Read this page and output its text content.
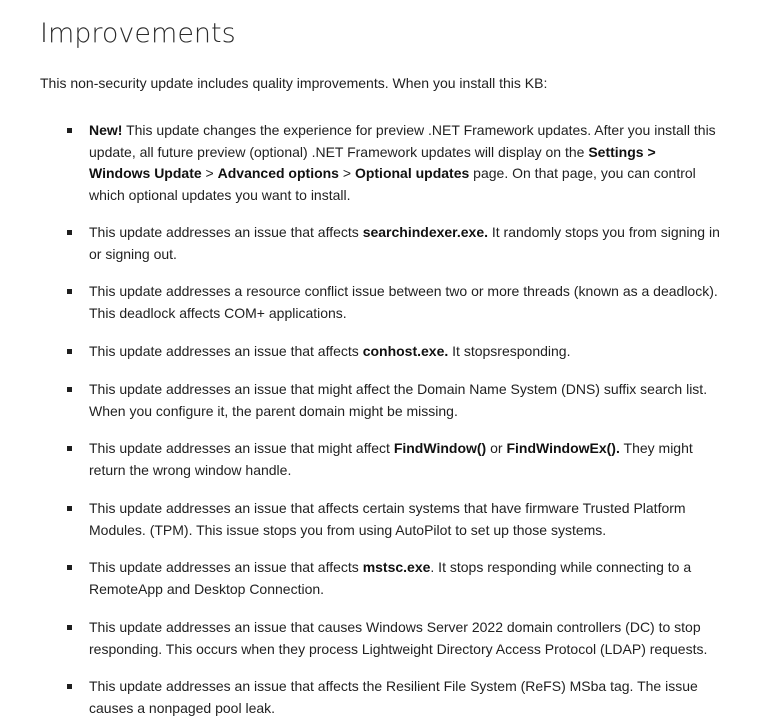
Improvements

This non-security update includes quality improvements. When you install this KB:

New! This update changes the experience for preview .NET Framework updates. After you install this update, all future preview (optional) .NET Framework updates will display on the Settings > Windows Update > Advanced options > Optional updates page. On that page, you can control which optional updates you want to install.
This update addresses an issue that affects searchindexer.exe. It randomly stops you from signing in or signing out.
This update addresses a resource conflict issue between two or more threads (known as a deadlock). This deadlock affects COM+ applications.
This update addresses an issue that affects conhost.exe. It stopsresponding.
This update addresses an issue that might affect the Domain Name System (DNS) suffix search list. When you configure it, the parent domain might be missing.
This update addresses an issue that might affect FindWindow() or FindWindowEx(). They might return the wrong window handle.
This update addresses an issue that affects certain systems that have firmware Trusted Platform Modules. (TPM). This issue stops you from using AutoPilot to set up those systems.
This update addresses an issue that affects mstsc.exe. It stops responding while connecting to a RemoteApp and Desktop Connection.
This update addresses an issue that causes Windows Server 2022 domain controllers (DC) to stop responding. This occurs when they process Lightweight Directory Access Protocol (LDAP) requests.
This update addresses an issue that affects the Resilient File System (ReFS) MSba tag. The issue causes a nonpaged pool leak.
